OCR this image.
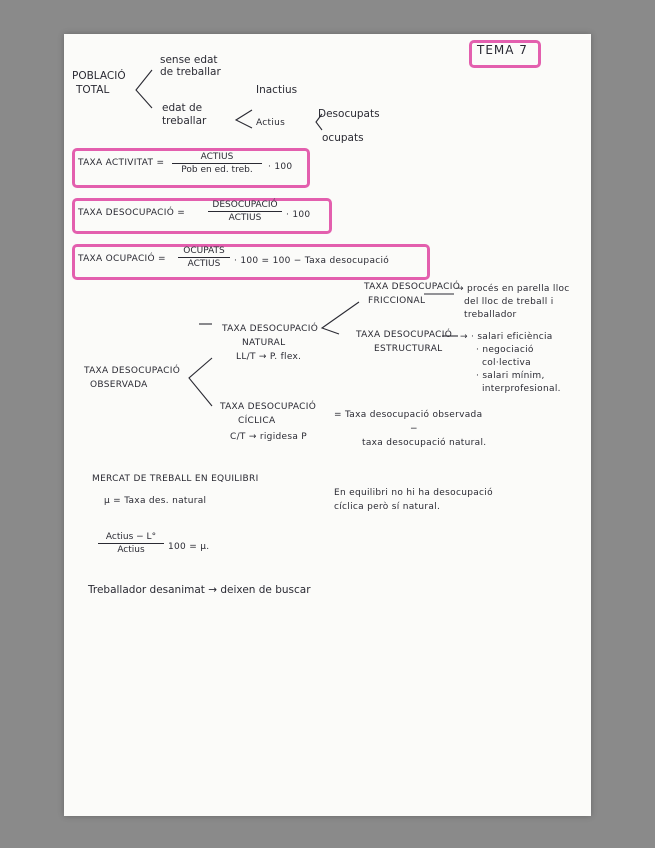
TEMA 7
POBLACIÓ
TOTAL
sense edat
de treballar
edat de
treballar
Inactius
Actius
Desocupats
ocupats
TAXA ACTIVITAT =
ACTIUS
Pob en ed. treb.	· 100
TAXA DESOCUPACIÓ =
DESOCUPACIÓ
ACTIUS	· 100
TAXA OCUPACIÓ =
OCUPATS
ACTIUS	· 100 = 100 − Taxa desocupació
TAXA DESOCUPACIÓ
FRICCIONAL
→ procés en parella lloc
del lloc de treball i
treballador
TAXA DESOCUPACIÓ
NATURAL
LL/T → P. flex.
TAXA DESOCUPACIÓ
ESTRUCTURAL
→ · salari eficiència
· negociació
col·lectiva
· salari mínim,
interprofesional.
TAXA DESOCUPACIÓ
OBSERVADA
TAXA DESOCUPACIÓ
CÍCLICA
C/T → rigidesa P
= Taxa desocupació observada
−
taxa desocupació natural.
MERCAT DE TREBALL EN EQUILIBRI
En equilibri no hi ha desocupació
cíclica però sí natural.
μ = Taxa des. natural
Actius − L°
Actius	100 = μ.
Treballador desanimat → deixen de buscar
